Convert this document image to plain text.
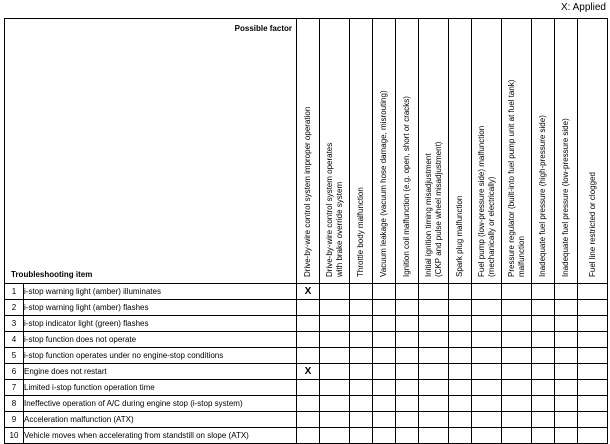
X: Applied
Possible factor
Troubleshooting item		Drive-by-wire control system improper operation	Drive-by-wire control system operates
with brake override system	Throttle body malfunction	Vacuum leakage (vacuum hose damage, misrouting)	Ignition coil malfunction (e.g. open, short or cracks)	Initial ignition timing misadjustment
(CKP and pulse wheel misadjustment)	Spark plug malfunction	Fuel pump (low-pressure side) malfunction
(mechanically or electrically)	Pressure regulator (built-into fuel pump unit at fuel tank)
malfunction	Inadequate fuel pressure (high-pressure side)	Inadequate fuel pressure (low-pressure side)	Fuel line restricted or clogged

1	i-stop warning light (amber) illuminates	X											
2	i-stop warning light (amber) flashes												
3	i-stop indicator light (green) flashes												
4	i-stop function does not operate												
5	i-stop function operates under no engine-stop conditions												
6	Engine does not restart	X											
7	Limited i-stop function operation time												
8	Ineffective operation of A/C during engine stop (i-stop system)												
9	Acceleration malfunction (ATX)												
10	Vehicle moves when accelerating from standstill on slope (ATX)												
